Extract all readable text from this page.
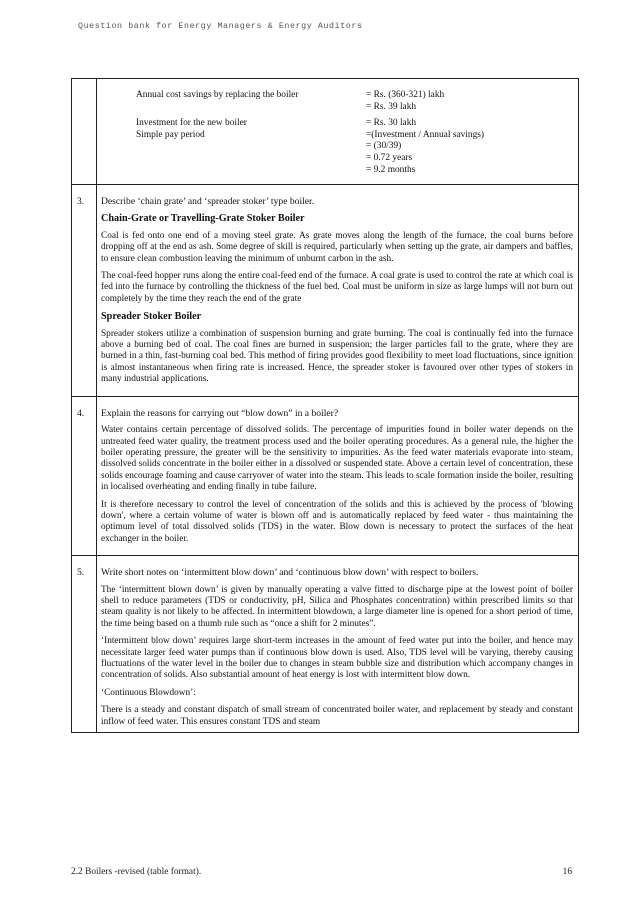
Question bank for Energy Managers & Energy Auditors
Annual cost savings by replacing the boiler	= Rs. (360-321) lakh
= Rs. 39 lakh
Investment for the new boiler	= Rs. 30 lakh
Simple pay period	=(Investment / Annual savings)
= (30/39)
= 0.72 years
= 9.2 months
3.	Describe ‘chain grate’ and ‘spreader stoker’ type boiler.
Chain-Grate or Travelling-Grate Stoker Boiler

Coal is fed onto one end of a moving steel grate. As grate moves along the length of the furnace, the coal burns before dropping off at the end as ash. Some degree of skill is required, particularly when setting up the grate, air dampers and baffles, to ensure clean combustion leaving the minimum of unburnt carbon in the ash.

The coal-feed hopper runs along the entire coal-feed end of the furnace. A coal grate is used to control the rate at which coal is fed into the furnace by controlling the thickness of the fuel bed. Coal must be uniform in size as large lumps will not burn out completely by the time they reach the end of the grate

Spreader Stoker Boiler

Spreader stokers utilize a combination of suspension burning and grate burning. The coal is continually fed into the furnace above a burning bed of coal. The coal fines are burned in suspension; the larger particles fall to the grate, where they are burned in a thin, fast-burning coal bed. This method of firing provides good flexibility to meet load fluctuations, since ignition is almost instantaneous when firing rate is increased. Hence, the spreader stoker is favoured over other types of stokers in many industrial applications.

4.	Explain the reasons for carrying out “blow down” in a boiler?

Water contains certain percentage of dissolved solids. The percentage of impurities found in boiler water depends on the untreated feed water quality, the treatment process used and the boiler operating procedures. As a general rule, the higher the boiler operating pressure, the greater will be the sensitivity to impurities. As the feed water materials evaporate into steam, dissolved solids concentrate in the boiler either in a dissolved or suspended state. Above a certain level of concentration, these solids encourage foaming and cause carryover of water into the steam. This leads to scale formation inside the boiler, resulting in localised overheating and ending finally in tube failure.

It is therefore necessary to control the level of concentration of the solids and this is achieved by the process of 'blowing down', where a certain volume of water is blown off and is automatically replaced by feed water - thus maintaining the optimum level of total dissolved solids (TDS) in the water. Blow down is necessary to protect the surfaces of the heat exchanger in the boiler.

5.	Write short notes on ‘intermittent blow down’ and ‘continuous blow down’ with respect to boilers.

The ‘intermittent blown down’ is given by manually operating a valve fitted to discharge pipe at the lowest point of boiler shell to reduce parameters (TDS or conductivity, pH, Silica and Phosphates concentration) within prescribed limits so that steam quality is not likely to be affected. In intermittent blowdown, a large diameter line is opened for a short period of time, the time being based on a thumb rule such as “once a shift for 2 minutes”.

‘Intermittent blow down’ requires large short-term increases in the amount of feed water put into the boiler, and hence may necessitate larger feed water pumps than if continuous blow down is used. Also, TDS level will be varying, thereby causing fluctuations of the water level in the boiler due to changes in steam bubble size and distribution which accompany changes in concentration of solids. Also substantial amount of heat energy is lost with intermittent blow down.

‘Continuous Blowdown’:

There is a steady and constant dispatch of small stream of concentrated boiler water, and replacement by steady and constant inflow of feed water. This ensures constant TDS and steam

2.2 Boilers -revised (table format).	16
